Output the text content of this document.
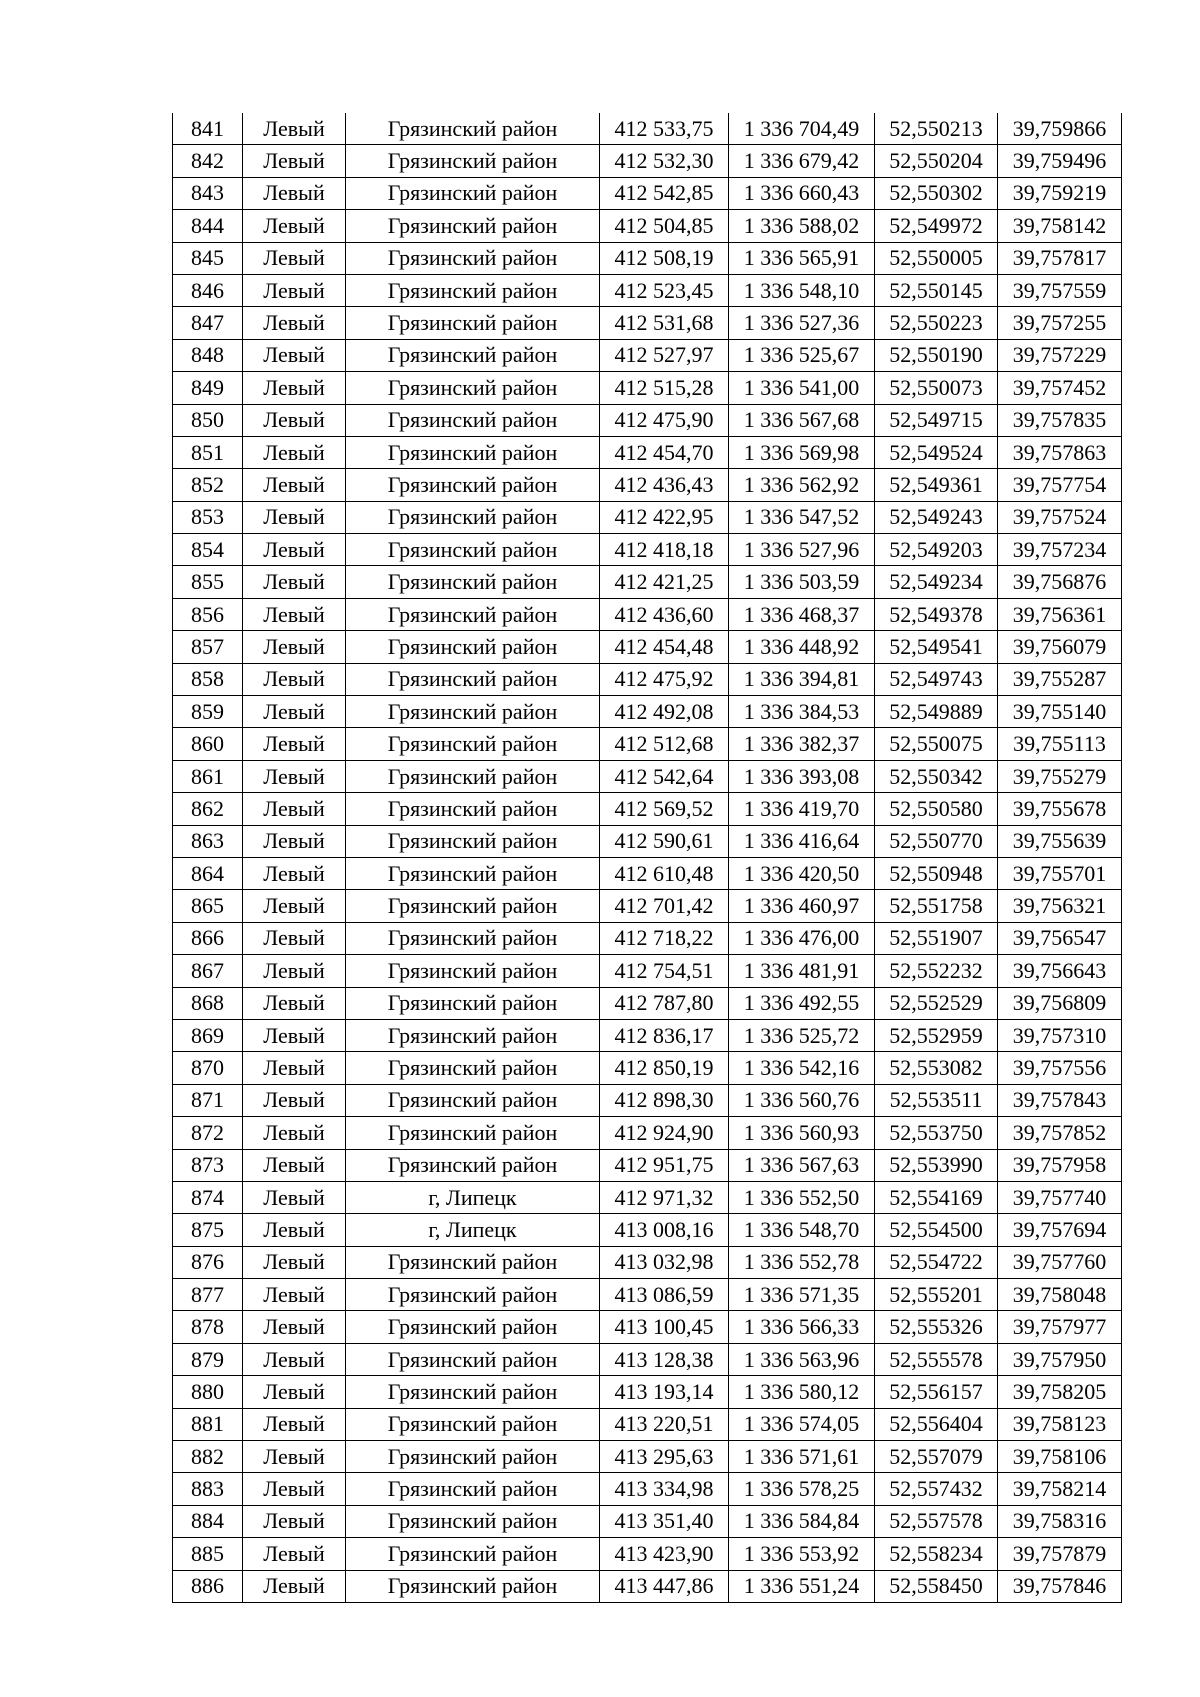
841	Левый	Грязинский район	412 533,75	1 336 704,49	52,550213	39,759866
842	Левый	Грязинский район	412 532,30	1 336 679,42	52,550204	39,759496
843	Левый	Грязинский район	412 542,85	1 336 660,43	52,550302	39,759219
844	Левый	Грязинский район	412 504,85	1 336 588,02	52,549972	39,758142
845	Левый	Грязинский район	412 508,19	1 336 565,91	52,550005	39,757817
846	Левый	Грязинский район	412 523,45	1 336 548,10	52,550145	39,757559
847	Левый	Грязинский район	412 531,68	1 336 527,36	52,550223	39,757255
848	Левый	Грязинский район	412 527,97	1 336 525,67	52,550190	39,757229
849	Левый	Грязинский район	412 515,28	1 336 541,00	52,550073	39,757452
850	Левый	Грязинский район	412 475,90	1 336 567,68	52,549715	39,757835
851	Левый	Грязинский район	412 454,70	1 336 569,98	52,549524	39,757863
852	Левый	Грязинский район	412 436,43	1 336 562,92	52,549361	39,757754
853	Левый	Грязинский район	412 422,95	1 336 547,52	52,549243	39,757524
854	Левый	Грязинский район	412 418,18	1 336 527,96	52,549203	39,757234
855	Левый	Грязинский район	412 421,25	1 336 503,59	52,549234	39,756876
856	Левый	Грязинский район	412 436,60	1 336 468,37	52,549378	39,756361
857	Левый	Грязинский район	412 454,48	1 336 448,92	52,549541	39,756079
858	Левый	Грязинский район	412 475,92	1 336 394,81	52,549743	39,755287
859	Левый	Грязинский район	412 492,08	1 336 384,53	52,549889	39,755140
860	Левый	Грязинский район	412 512,68	1 336 382,37	52,550075	39,755113
861	Левый	Грязинский район	412 542,64	1 336 393,08	52,550342	39,755279
862	Левый	Грязинский район	412 569,52	1 336 419,70	52,550580	39,755678
863	Левый	Грязинский район	412 590,61	1 336 416,64	52,550770	39,755639
864	Левый	Грязинский район	412 610,48	1 336 420,50	52,550948	39,755701
865	Левый	Грязинский район	412 701,42	1 336 460,97	52,551758	39,756321
866	Левый	Грязинский район	412 718,22	1 336 476,00	52,551907	39,756547
867	Левый	Грязинский район	412 754,51	1 336 481,91	52,552232	39,756643
868	Левый	Грязинский район	412 787,80	1 336 492,55	52,552529	39,756809
869	Левый	Грязинский район	412 836,17	1 336 525,72	52,552959	39,757310
870	Левый	Грязинский район	412 850,19	1 336 542,16	52,553082	39,757556
871	Левый	Грязинский район	412 898,30	1 336 560,76	52,553511	39,757843
872	Левый	Грязинский район	412 924,90	1 336 560,93	52,553750	39,757852
873	Левый	Грязинский район	412 951,75	1 336 567,63	52,553990	39,757958
874	Левый	г, Липецк	412 971,32	1 336 552,50	52,554169	39,757740
875	Левый	г, Липецк	413 008,16	1 336 548,70	52,554500	39,757694
876	Левый	Грязинский район	413 032,98	1 336 552,78	52,554722	39,757760
877	Левый	Грязинский район	413 086,59	1 336 571,35	52,555201	39,758048
878	Левый	Грязинский район	413 100,45	1 336 566,33	52,555326	39,757977
879	Левый	Грязинский район	413 128,38	1 336 563,96	52,555578	39,757950
880	Левый	Грязинский район	413 193,14	1 336 580,12	52,556157	39,758205
881	Левый	Грязинский район	413 220,51	1 336 574,05	52,556404	39,758123
882	Левый	Грязинский район	413 295,63	1 336 571,61	52,557079	39,758106
883	Левый	Грязинский район	413 334,98	1 336 578,25	52,557432	39,758214
884	Левый	Грязинский район	413 351,40	1 336 584,84	52,557578	39,758316
885	Левый	Грязинский район	413 423,90	1 336 553,92	52,558234	39,757879
886	Левый	Грязинский район	413 447,86	1 336 551,24	52,558450	39,757846
